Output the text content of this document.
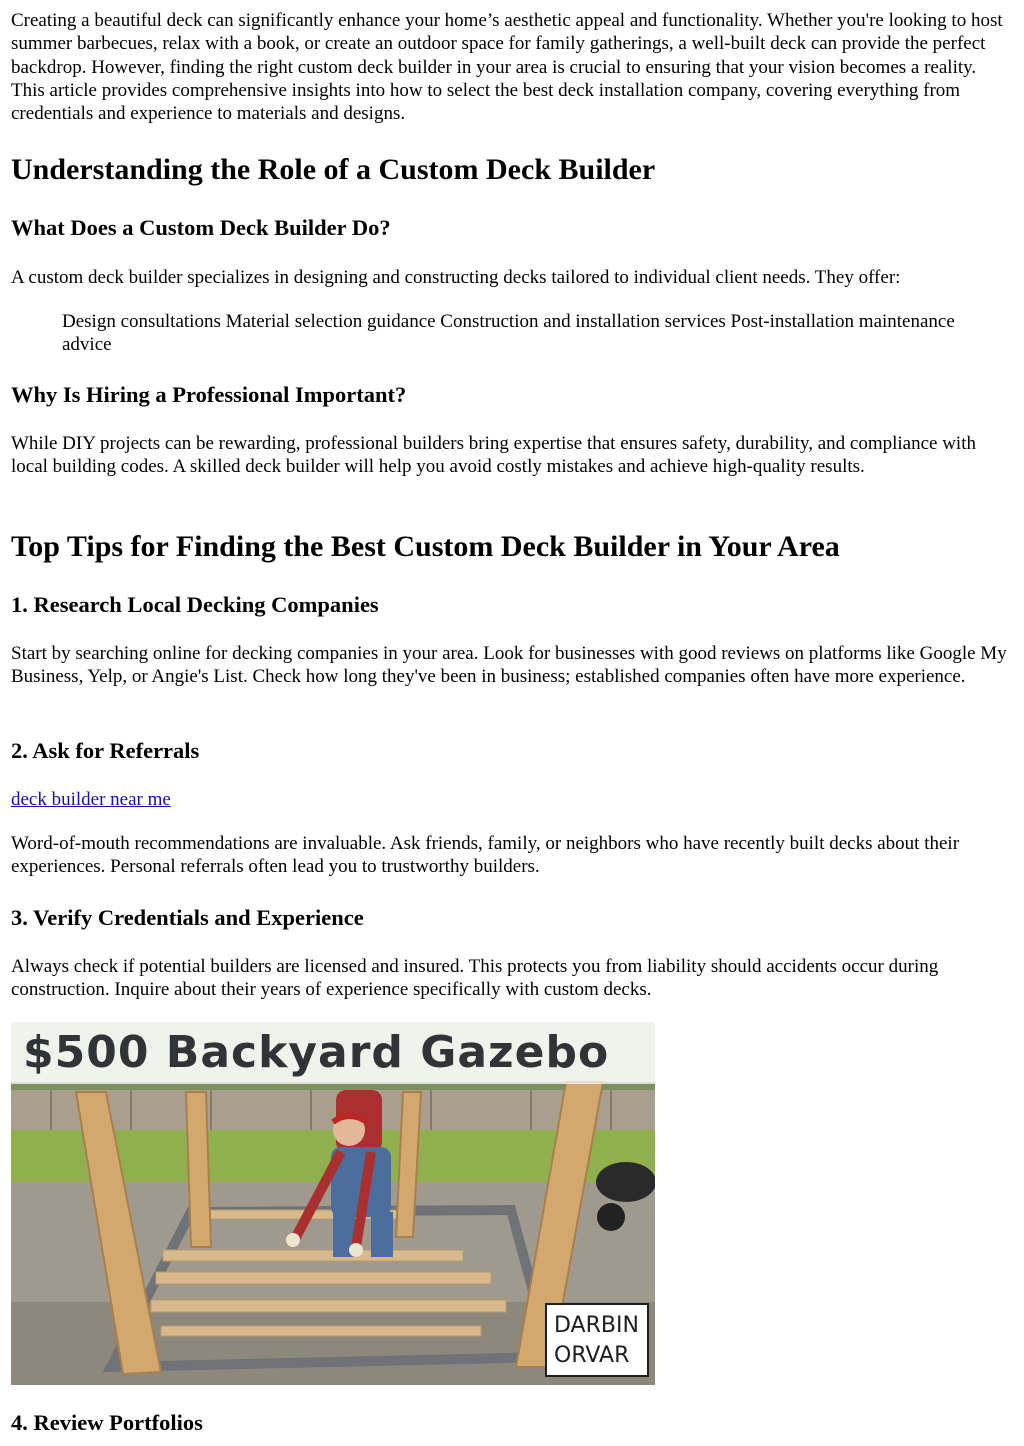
Creating a beautiful deck can significantly enhance your home’s aesthetic appeal and functionality. Whether you're looking to host summer barbecues, relax with a book, or create an outdoor space for family gatherings, a well-built deck can provide the perfect backdrop. However, finding the right custom deck builder in your area is crucial to ensuring that your vision becomes a reality. This article provides comprehensive insights into how to select the best deck installation company, covering everything from credentials and experience to materials and designs.

Understanding the Role of a Custom Deck Builder
What Does a Custom Deck Builder Do?

A custom deck builder specializes in designing and constructing decks tailored to individual client needs. They offer:

Design consultations Material selection guidance Construction and installation services Post-installation maintenance advice

Why Is Hiring a Professional Important?

While DIY projects can be rewarding, professional builders bring expertise that ensures safety, durability, and compliance with local building codes. A skilled deck builder will help you avoid costly mistakes and achieve high-quality results.

Top Tips for Finding the Best Custom Deck Builder in Your Area
1. Research Local Decking Companies

Start by searching online for decking companies in your area. Look for businesses with good reviews on platforms like Google My Business, Yelp, or Angie's List. Check how long they've been in business; established companies often have more experience.

2. Ask for Referrals
deck builder near me

Word-of-mouth recommendations are invaluable. Ask friends, family, or neighbors who have recently built decks about their experiences. Personal referrals often lead you to trustworthy builders.

3. Verify Credentials and Experience

Always check if potential builders are licensed and insured. This protects you from liability should accidents occur during construction. Inquire about their years of experience specifically with custom decks.

$500 Backyard Gazebo
DARBIN
ORVAR
4. Review Portfolios
